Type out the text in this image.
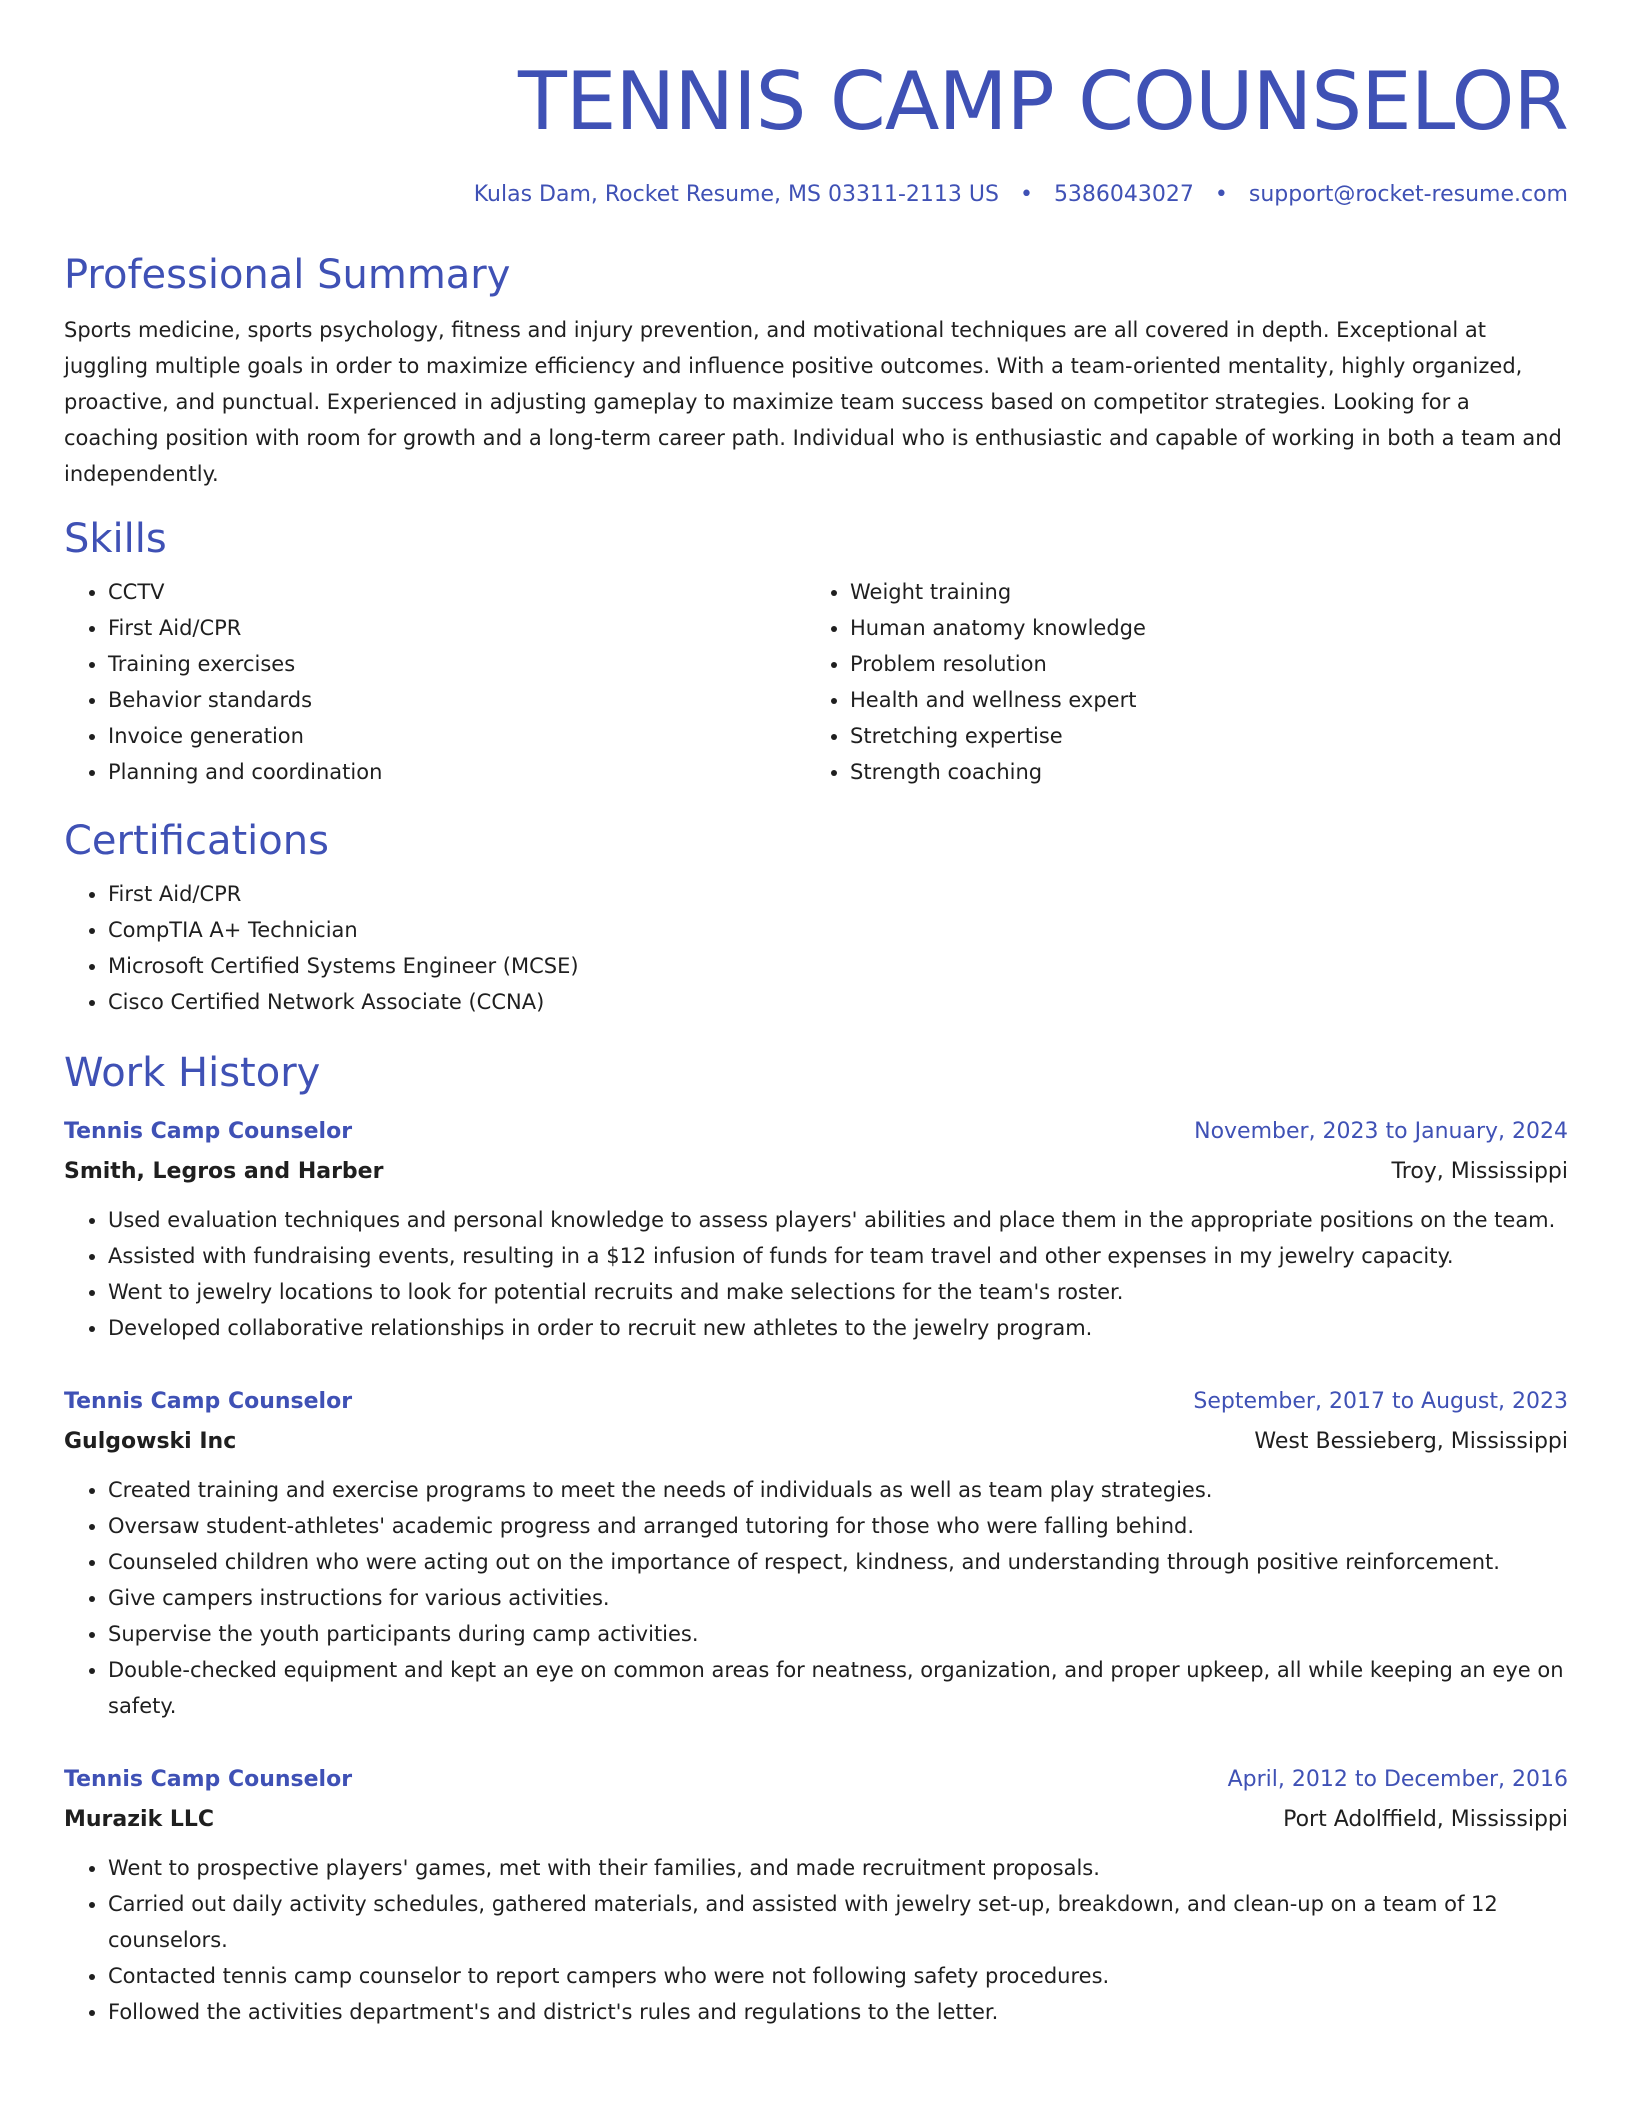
TENNIS CAMP COUNSELOR
Kulas Dam, Rocket Resume, MS 03311-2113 US • 5386043027 • support@rocket-resume.com
Professional Summary
Sports medicine, sports psychology, fitness and injury prevention, and motivational techniques are all covered in depth. Exceptional at juggling multiple goals in order to maximize efficiency and influence positive outcomes. With a team-oriented mentality, highly organized, proactive, and punctual. Experienced in adjusting gameplay to maximize team success based on competitor strategies. Looking for a coaching position with room for growth and a long-term career path. Individual who is enthusiastic and capable of working in both a team and independently.
Skills
• CCTV
• First Aid/CPR
• Training exercises
• Behavior standards
• Invoice generation
• Planning and coordination
• Weight training
• Human anatomy knowledge
• Problem resolution
• Health and wellness expert
• Stretching expertise
• Strength coaching
Certifications
• First Aid/CPR
• CompTIA A+ Technician
• Microsoft Certified Systems Engineer (MCSE)
• Cisco Certified Network Associate (CCNA)
Work History
Tennis Camp Counselor	November, 2023 to January, 2024
Smith, Legros and Harber	Troy, Mississippi
• Used evaluation techniques and personal knowledge to assess players' abilities and place them in the appropriate positions on the team.
• Assisted with fundraising events, resulting in a $12 infusion of funds for team travel and other expenses in my jewelry capacity.
• Went to jewelry locations to look for potential recruits and make selections for the team's roster.
• Developed collaborative relationships in order to recruit new athletes to the jewelry program.
Tennis Camp Counselor	September, 2017 to August, 2023
Gulgowski Inc	West Bessieberg, Mississippi
• Created training and exercise programs to meet the needs of individuals as well as team play strategies.
• Oversaw student-athletes' academic progress and arranged tutoring for those who were falling behind.
• Counseled children who were acting out on the importance of respect, kindness, and understanding through positive reinforcement.
• Give campers instructions for various activities.
• Supervise the youth participants during camp activities.
• Double-checked equipment and kept an eye on common areas for neatness, organization, and proper upkeep, all while keeping an eye on safety.
Tennis Camp Counselor	April, 2012 to December, 2016
Murazik LLC	Port Adolffield, Mississippi
• Went to prospective players' games, met with their families, and made recruitment proposals.
• Carried out daily activity schedules, gathered materials, and assisted with jewelry set-up, breakdown, and clean-up on a team of 12 counselors.
• Contacted tennis camp counselor to report campers who were not following safety procedures.
• Followed the activities department's and district's rules and regulations to the letter.
